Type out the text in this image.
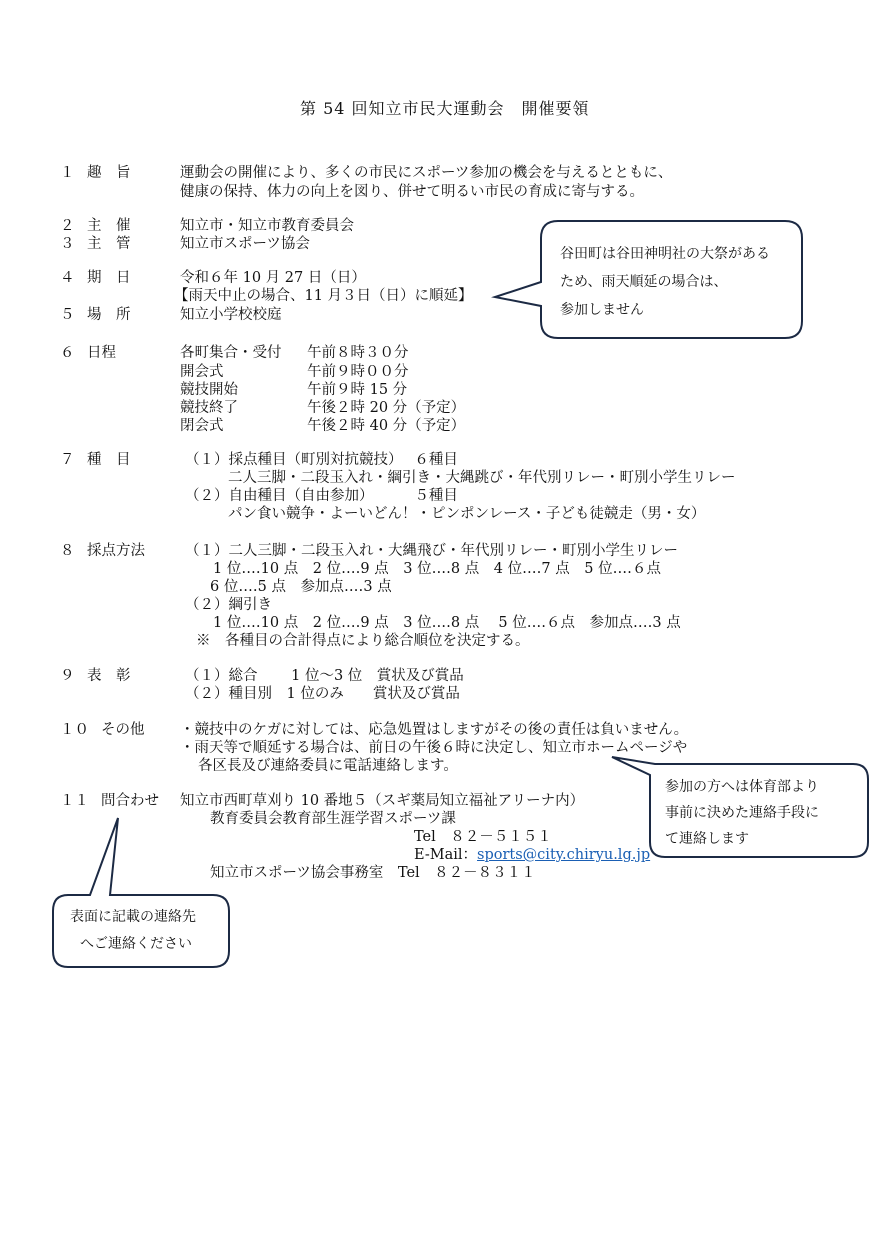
第 54 回知立市民大運動会　開催要領
１ 趣　旨	運動会の開催により、多くの市民にスポーツ参加の機会を与えるとともに、
健康の保持、体力の向上を図り、併せて明るい市民の育成に寄与する。
２ 主　催	知立市・知立市教育委員会
３ 主　管	知立市スポーツ協会
４ 期　日	令和６年 10 月 27 日（日）
【雨天中止の場合、11 月３日（日）に順延】
５ 場　所	知立小学校校庭
６ 日程	各町集合・受付 午前８時３０分
開会式	午前９時００分
競技開始	午前９時 15 分
競技終了	午後２時 20 分（予定）
閉会式	午後２時 40 分（予定）
７ 種　目	（１）採点種目（町別対抗競技）　 ６種目
二人三脚・二段玉入れ・綱引き・大縄跳び・年代別リレー・町別小学生リレー
（２）自由種目（自由参加）　　　 ５種目
パン食い競争・よーいどん！・ピンポンレース・子ども徒競走（男・女）
８ 採点方法	（１）二人三脚・二段玉入れ・大縄飛び・年代別リレー・町別小学生リレー
1 位‥‥10 点　2 位‥‥9 点　3 位‥‥8 点　4 位‥‥7 点　5 位‥‥６点
6 位‥‥5 点　参加点‥‥3 点
（２）綱引き
1 位‥‥10 点　2 位‥‥9 点　3 位‥‥8 点　 5 位‥‥６点　参加点‥‥3 点
※　各種目の合計得点により総合順位を決定する。
９ 表　彰	（１）総合　　 1 位～3 位　賞状及び賞品
（２）種目別　1 位のみ　　賞状及び賞品
１０ その他 ・競技中のケガに対しては、応急処置はしますがその後の責任は負いません。
・雨天等で順延する場合は、前日の午後６時に決定し、知立市ホームページや
各区長及び連絡委員に電話連絡します。
１１ 問合わせ 知立市西町草刈り 10 番地５（スギ薬局知立福祉アリーナ内）
教育委員会教育部生涯学習スポーツ課
Tel　８２－５１５１
E-Mail：sports@city.chiryu.lg.jp
知立市スポーツ協会事務室　Tel　８２－８３１１
谷田町は谷田神明社の大祭がある
ため、雨天順延の場合は、
参加しません
参加の方へは体育部より
事前に決めた連絡手段に
て連絡します
表面に記載の連絡先
へご連絡ください
